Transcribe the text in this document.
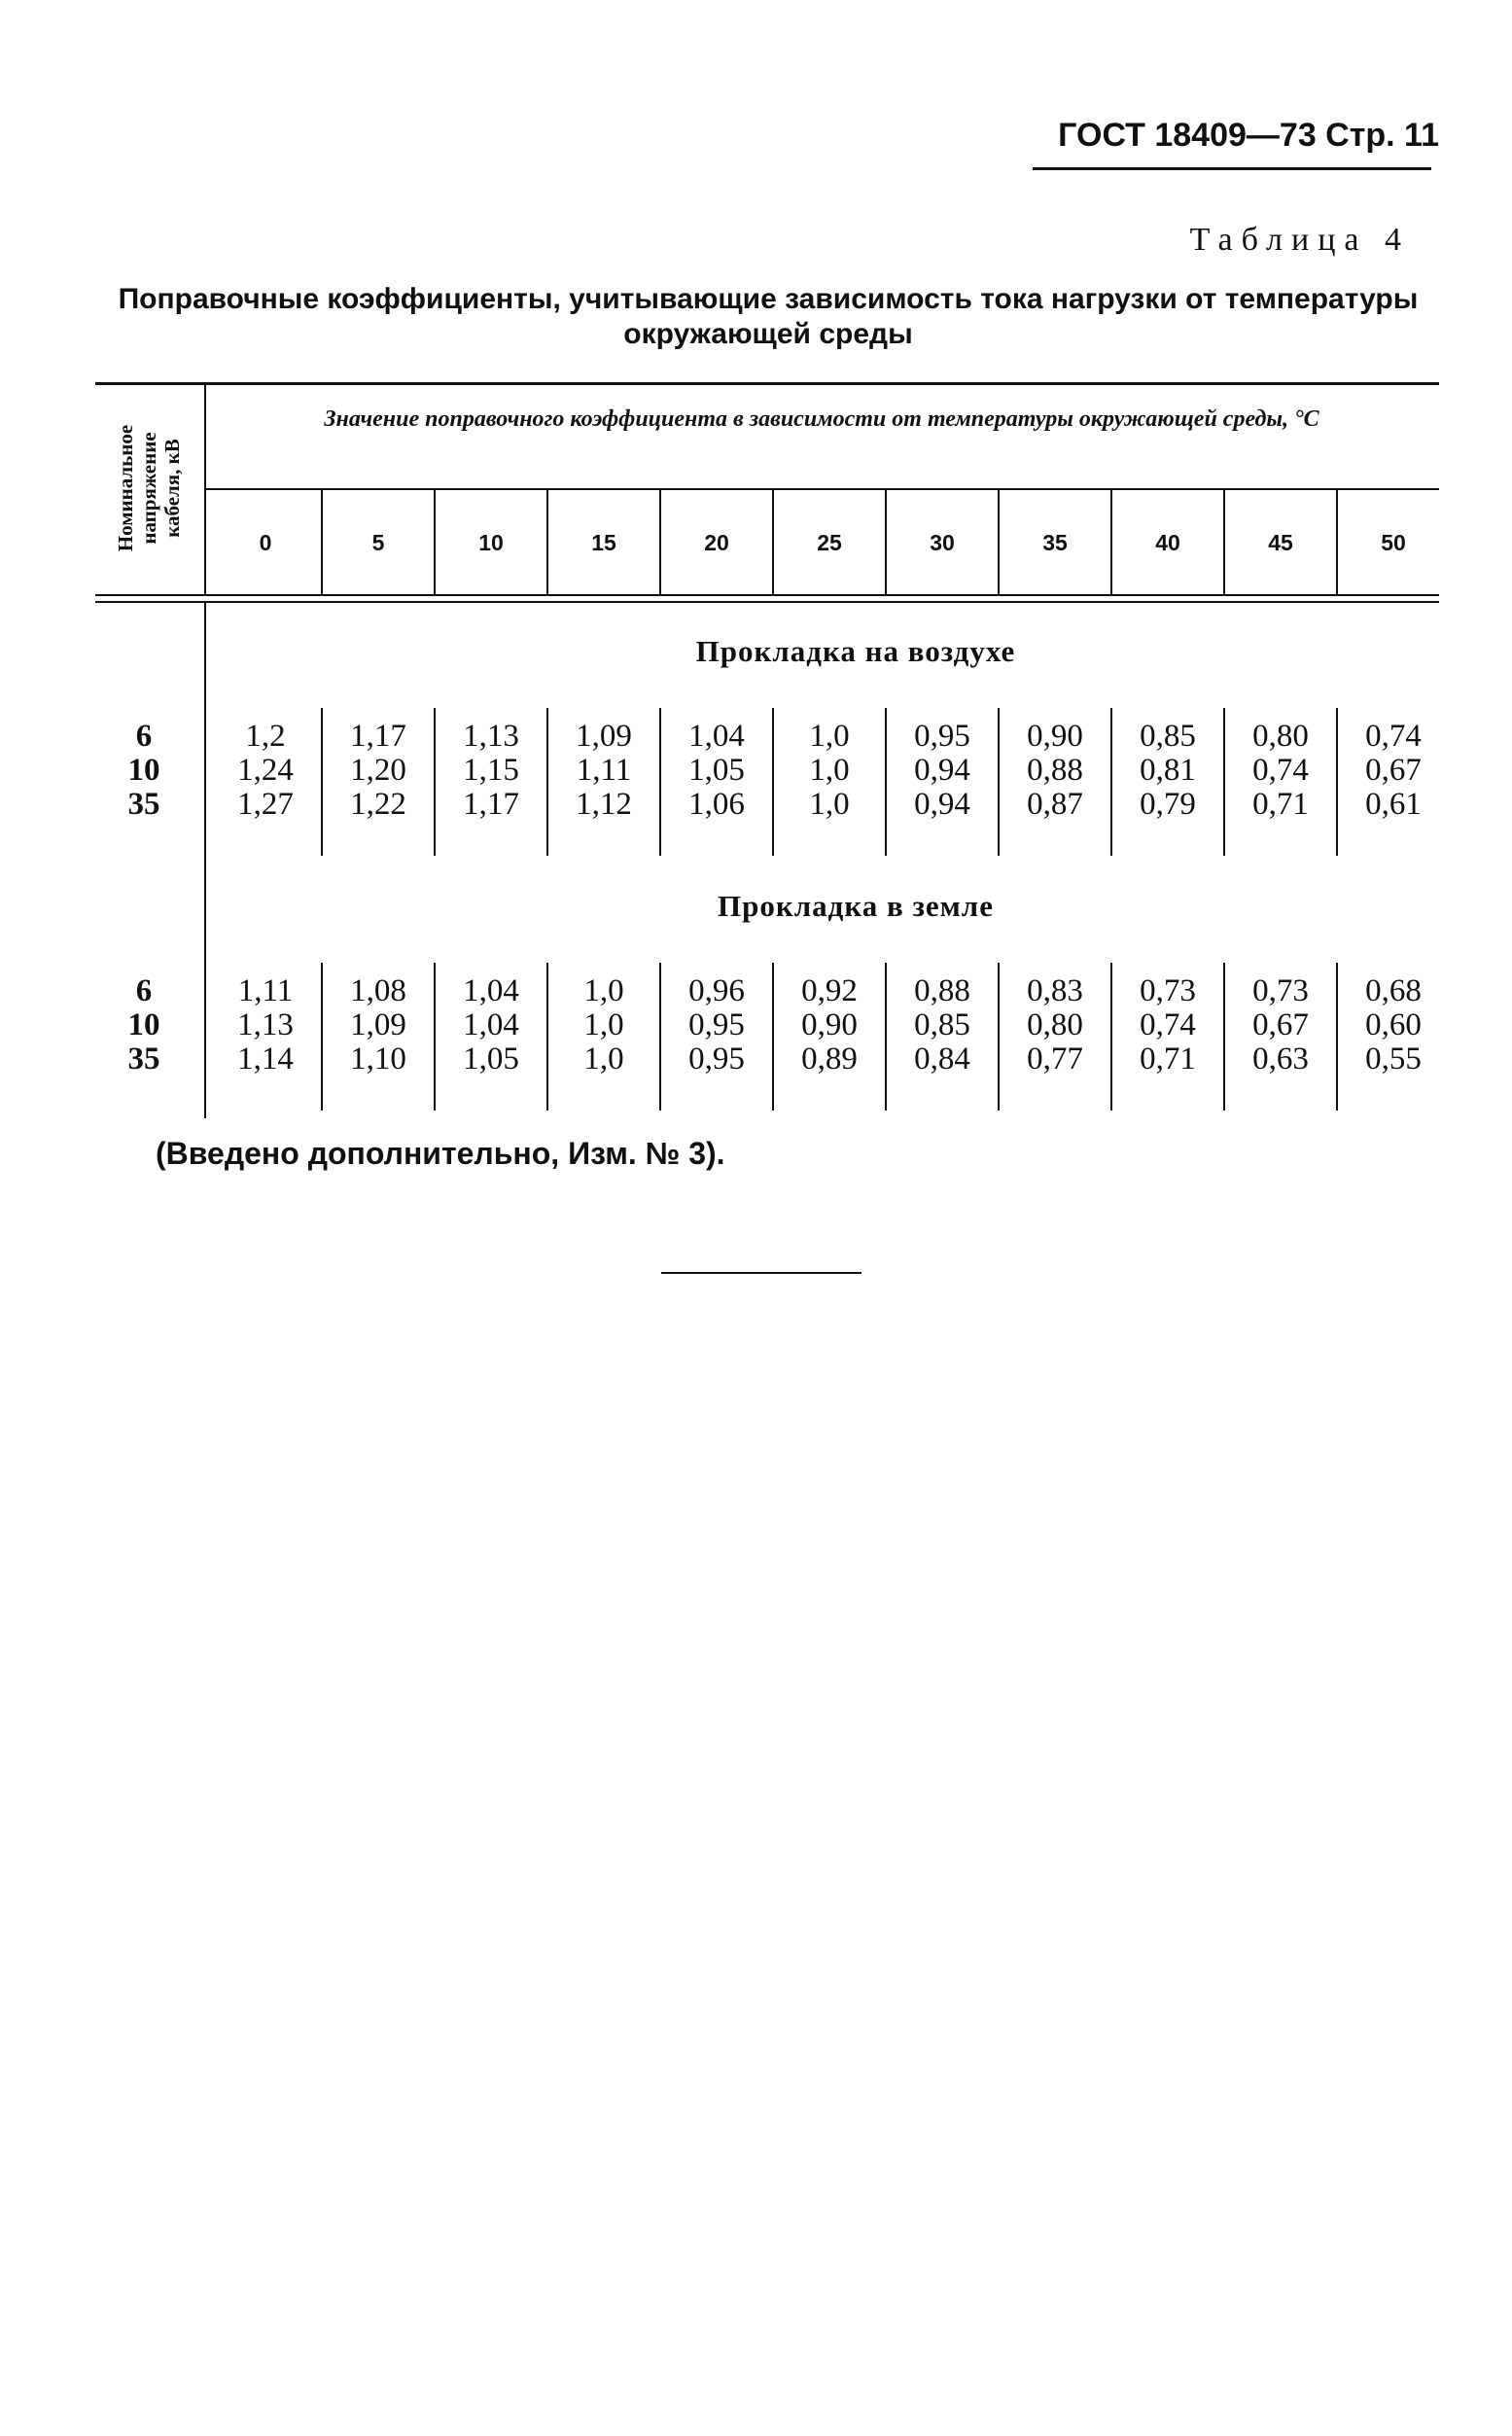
ГОСТ 18409—73 Стр. 11
Таблица 4
Поправочные коэффициенты, учитывающие зависимость тока нагрузки от температуры окружающей среды
0	5	10	15	20	25	30	35	40	45	50
Номинальное
напряжение
кабеля, кВ
Значение поправочного коэффициента в зависимости от температуры окружающей среды, °С
Прокладка на воздухе
6	1,2	1,17	1,13	1,09	1,04	1,0	0,95	0,90	0,85	0,80	0,74
10	1,24	1,20	1,15	1,11	1,05	1,0	0,94	0,88	0,81	0,74	0,67
35	1,27	1,22	1,17	1,12	1,06	1,0	0,94	0,87	0,79	0,71	0,61
Прокладка в земле
6	1,11	1,08	1,04	1,0	0,96	0,92	0,88	0,83	0,73	0,73	0,68
10	1,13	1,09	1,04	1,0	0,95	0,90	0,85	0,80	0,74	0,67	0,60
35	1,14	1,10	1,05	1,0	0,95	0,89	0,84	0,77	0,71	0,63	0,55
(Введено дополнительно, Изм. № 3).
